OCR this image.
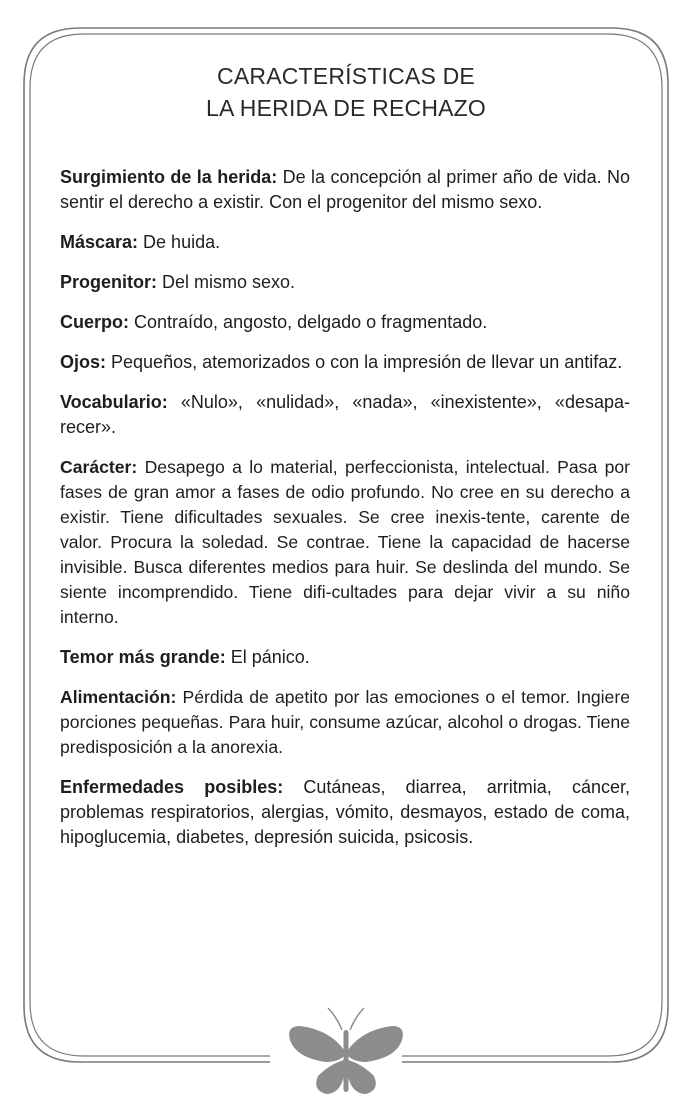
CARACTERÍSTICAS DE
LA HERIDA DE RECHAZO

Surgimiento de la herida: De la concepción al primer año de vida. No sentir el derecho a existir. Con el progenitor del mismo sexo.

Máscara: De huida.

Progenitor: Del mismo sexo.

Cuerpo: Contraído, angosto, delgado o fragmentado.

Ojos: Pequeños, atemorizados o con la impresión de llevar un antifaz.

Vocabulario: «Nulo», «nulidad», «nada», «inexistente», «desapa-recer».

Carácter: Desapego a lo material, perfeccionista, intelectual. Pasa por fases de gran amor a fases de odio profundo. No cree en su derecho a existir. Tiene dificultades sexuales. Se cree inexis-tente, carente de valor. Procura la soledad. Se contrae. Tiene la capacidad de hacerse invisible. Busca diferentes medios para huir. Se deslinda del mundo. Se siente incomprendido. Tiene difi-cultades para dejar vivir a su niño interno.

Temor más grande: El pánico.

Alimentación: Pérdida de apetito por las emociones o el temor. Ingiere porciones pequeñas. Para huir, consume azúcar, alcohol o drogas. Tiene predisposición a la anorexia.

Enfermedades posibles: Cutáneas, diarrea, arritmia, cáncer, problemas respiratorios, alergias, vómito, desmayos, estado de coma, hipoglucemia, diabetes, depresión suicida, psicosis.
